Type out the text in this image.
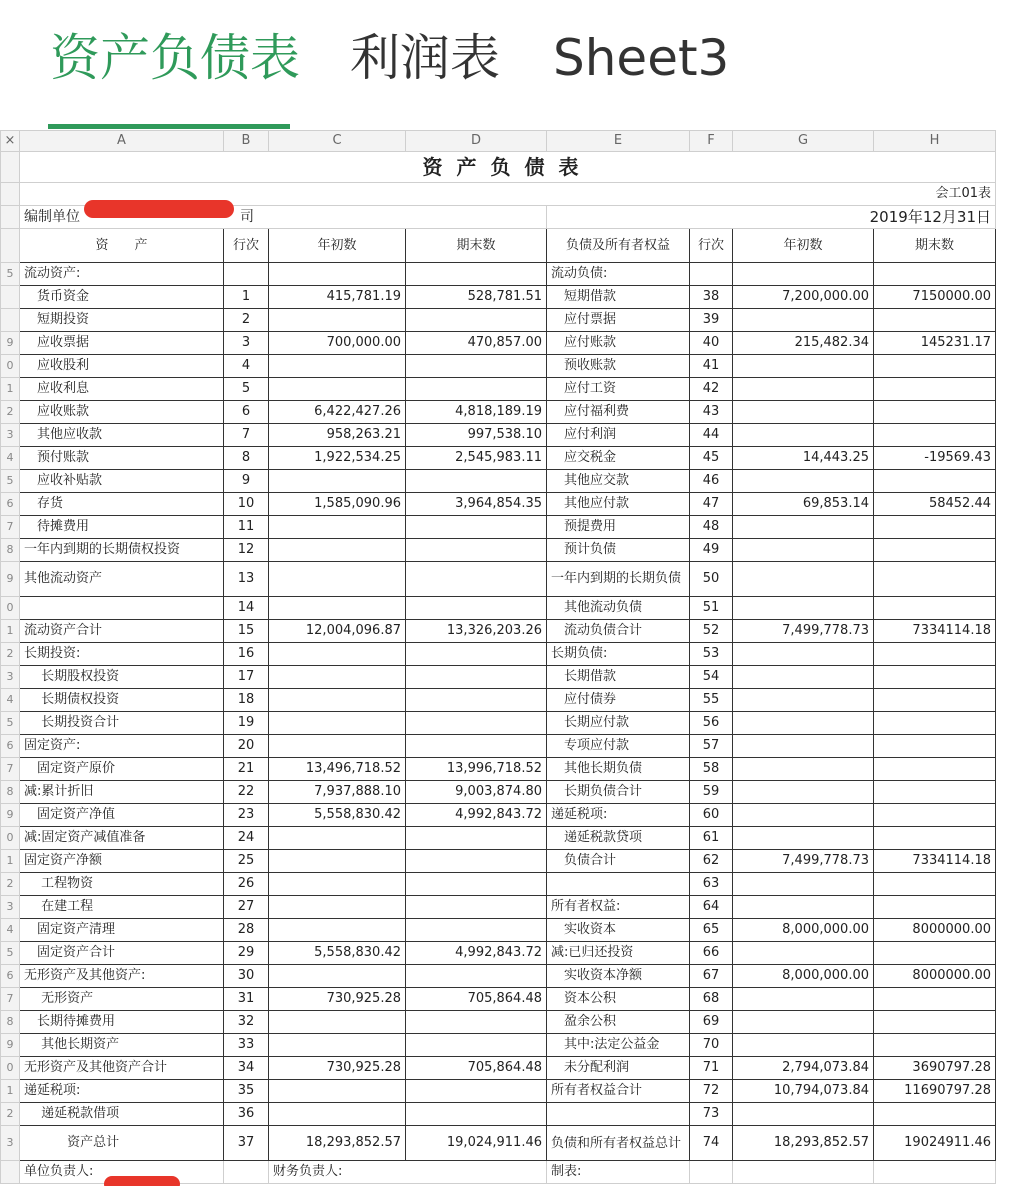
资产负债表 利润表 Sheet3
×	A	B	C	D	E	F	G	H
	资产负债表							
	会工01表							
	编制单位 司				2019年12月31日			
	资　　产	行次	年初数	期末数	负债及所有者权益	行次	年初数	期末数
5	流动资产:				流动负债:			
	　货币资金	1	415,781.19	528,781.51	　短期借款	38	7,200,000.00	7150000.00
	　短期投资	2			　应付票据	39		
9	　应收票据	3	700,000.00	470,857.00	　应付账款	40	215,482.34	145231.17
0	　应收股利	4			　预收账款	41		
1	　应收利息	5			　应付工资	42		
2	　应收账款	6	6,422,427.26	4,818,189.19	　应付福利费	43		
3	　其他应收款	7	958,263.21	997,538.10	　应付利润	44		
4	　预付账款	8	1,922,534.25	2,545,983.11	　应交税金	45	14,443.25	-19569.43
5	　应收补贴款	9			　其他应交款	46		
6	　存货	10	1,585,090.96	3,964,854.35	　其他应付款	47	69,853.14	58452.44
7	　待摊费用	11			　预提费用	48		
8	一年内到期的长期债权投资	12			　预计负债	49		
9	其他流动资产	13			一年内到期的长期负债	50		
0		14			　其他流动负债	51		
1	流动资产合计	15	12,004,096.87	13,326,203.26	　流动负债合计	52	7,499,778.73	7334114.18
2	长期投资:	16			长期负债:	53		
3	　 长期股权投资	17			　长期借款	54		
4	　 长期债权投资	18			　应付债券	55		
5	　 长期投资合计	19			　长期应付款	56		
6	固定资产:	20			　专项应付款	57		
7	　固定资产原价	21	13,496,718.52	13,996,718.52	　其他长期负债	58		
8	减:累计折旧	22	7,937,888.10	9,003,874.80	　长期负债合计	59		
9	　固定资产净值	23	5,558,830.42	4,992,843.72	递延税项:	60		
0	减:固定资产减值准备	24			　递延税款贷项	61		
1	固定资产净额	25			　负债合计	62	7,499,778.73	7334114.18
2	　 工程物资	26				63		
3	　 在建工程	27			所有者权益:	64		
4	　固定资产清理	28			　实收资本	65	8,000,000.00	8000000.00
5	　固定资产合计	29	5,558,830.42	4,992,843.72	减:已归还投资	66		
6	无形资产及其他资产:	30			　实收资本净额	67	8,000,000.00	8000000.00
7	　 无形资产	31	730,925.28	705,864.48	　资本公积	68		
8	　长期待摊费用	32			　盈余公积	69		
9	　 其他长期资产	33			　其中:法定公益金	70		
0	无形资产及其他资产合计	34	730,925.28	705,864.48	　未分配利润	71	2,794,073.84	3690797.28
1	递延税项:	35			所有者权益合计	72	10,794,073.84	11690797.28
2	　 递延税款借项	36				73		
3	　　　 资产总计	37	18,293,852.57	19,024,911.46	负债和所有者权益总计	74	18,293,852.57	19024911.46
	单位负责人:		财务负责人:		制表:			
